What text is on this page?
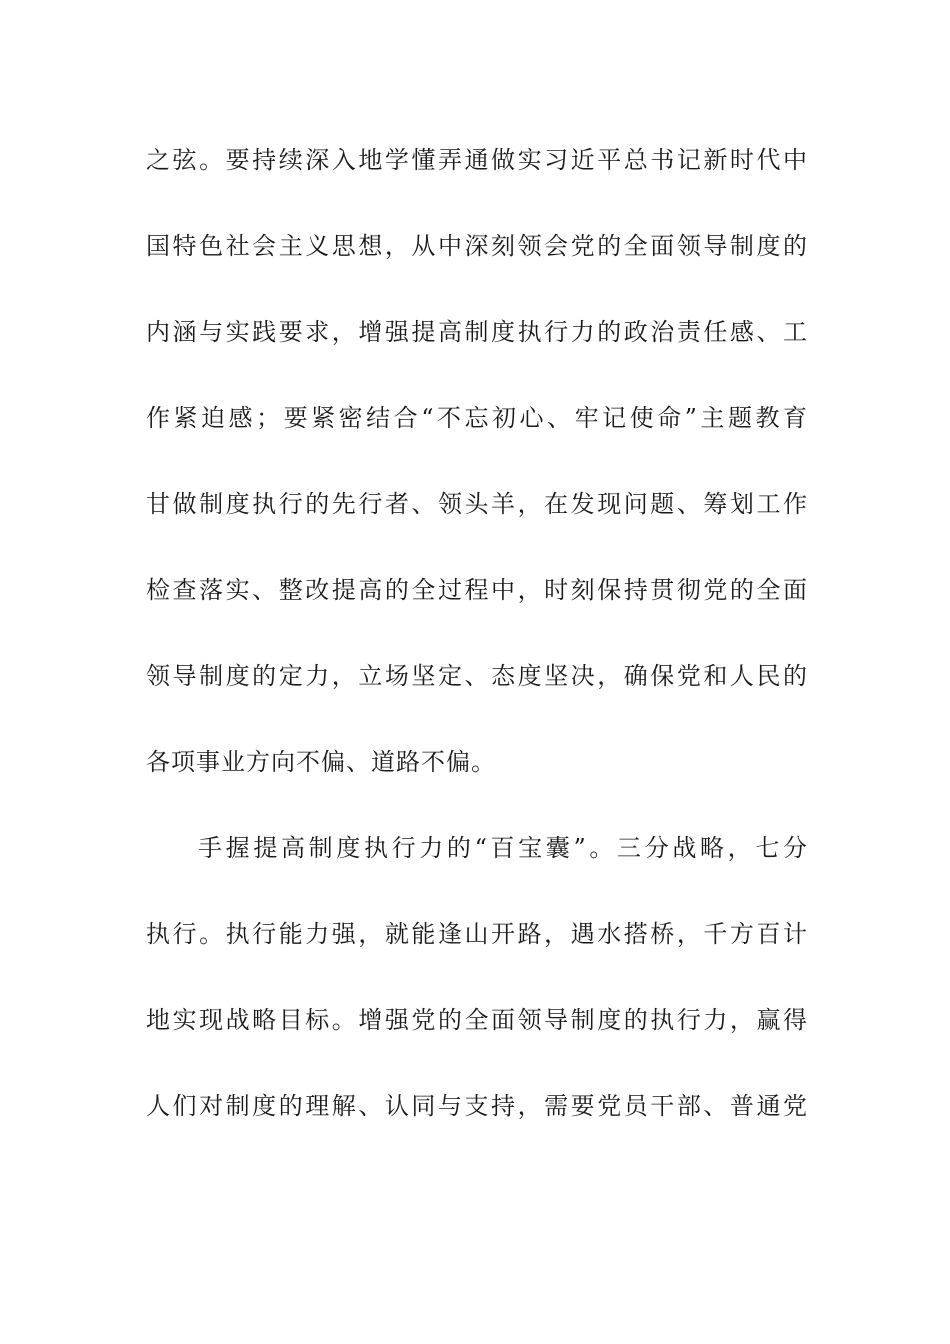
之弦。要持续深入地学懂弄通做实习近平总书记新时代中
国特色社会主义思想，从中深刻领会党的全面领导制度的
内涵与实践要求，增强提高制度执行力的政治责任感、工
作紧迫感；要紧密结合“不忘初心、牢记使命”主题教育
甘做制度执行的先行者、领头羊，在发现问题、筹划工作
检查落实、整改提高的全过程中，时刻保持贯彻党的全面
领导制度的定力，立场坚定、态度坚决，确保党和人民的
各项事业方向不偏、道路不偏。
手握提高制度执行力的“百宝囊”。三分战略，七分
执行。执行能力强，就能逢山开路，遇水搭桥，千方百计
地实现战略目标。增强党的全面领导制度的执行力，赢得
人们对制度的理解、认同与支持，需要党员干部、普通党
